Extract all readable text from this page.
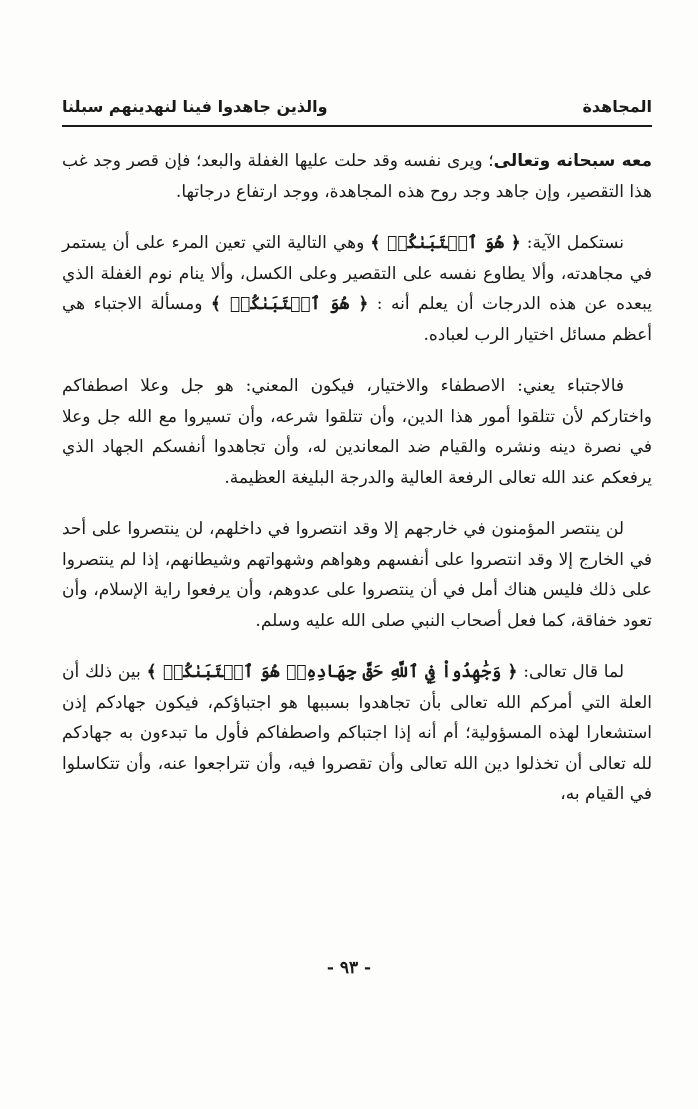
المجاهدة
والذين جاهدوا فينا لنهدينهم سبلنا

معه سبحانه وتعالى؛ ويرى نفسه وقد حلت عليها الغفلة والبعد؛ فإن قصر وجد غب هذا التقصير، وإن جاهد وجد روح هذه المجاهدة، ووجد ارتفاع درجاتها.

نستكمل الآية: ﴿ هُوَ ٱجۡتَبَىٰكُمۡ ﴾ وهي التالية التي تعين المرء على أن يستمر في مجاهدته، وألا يطاوع نفسه على التقصير وعلى الكسل، وألا ينام نوم الغفلة الذي يبعده عن هذه الدرجات أن يعلم أنه : ﴿ هُوَ ٱجۡتَبَىٰكُمۡ ﴾ ومسألة الاجتباء هي أعظم مسائل اختيار الرب لعباده.

فالاجتباء يعني: الاصطفاء والاختيار، فيكون المعني: هو جل وعلا اصطفاكم واختاركم لأن تتلقوا أمور هذا الدين، وأن تتلقوا شرعه، وأن تسيروا مع الله جل وعلا في نصرة دينه ونشره والقيام ضد المعاندين له، وأن تجاهدوا أنفسكم الجهاد الذي يرفعكم عند الله تعالى الرفعة العالية والدرجة البليغة العظيمة.

لن ينتصر المؤمنون في خارجهم إلا وقد انتصروا في داخلهم، لن ينتصروا على أحد في الخارج إلا وقد انتصروا على أنفسهم وهواهم وشهواتهم وشيطانهم، إذا لم ينتصروا على ذلك فليس هناك أمل في أن ينتصروا على عدوهم، وأن يرفعوا راية الإسلام، وأن تعود خفاقة، كما فعل أصحاب النبي صلى الله عليه وسلم.

لما قال تعالى: ﴿ وَجَٰهِدُواْ فِي ٱللَّهِ حَقَّ جِهَادِهِۦۚ هُوَ ٱجۡتَبَىٰكُمۡ ﴾ بين ذلك أن العلة التي أمركم الله تعالى بأن تجاهدوا بسببها هو اجتباؤكم، فيكون جهادكم إذن استشعارا لهذه المسؤولية؛ أم أنه إذا اجتباكم واصطفاكم فأول ما تبدءون به جهادكم لله تعالى أن تخذلوا دين الله تعالى وأن تقصروا فيه، وأن تتراجعوا عنه، وأن تتكاسلوا في القيام به،

- ٩٣ -
